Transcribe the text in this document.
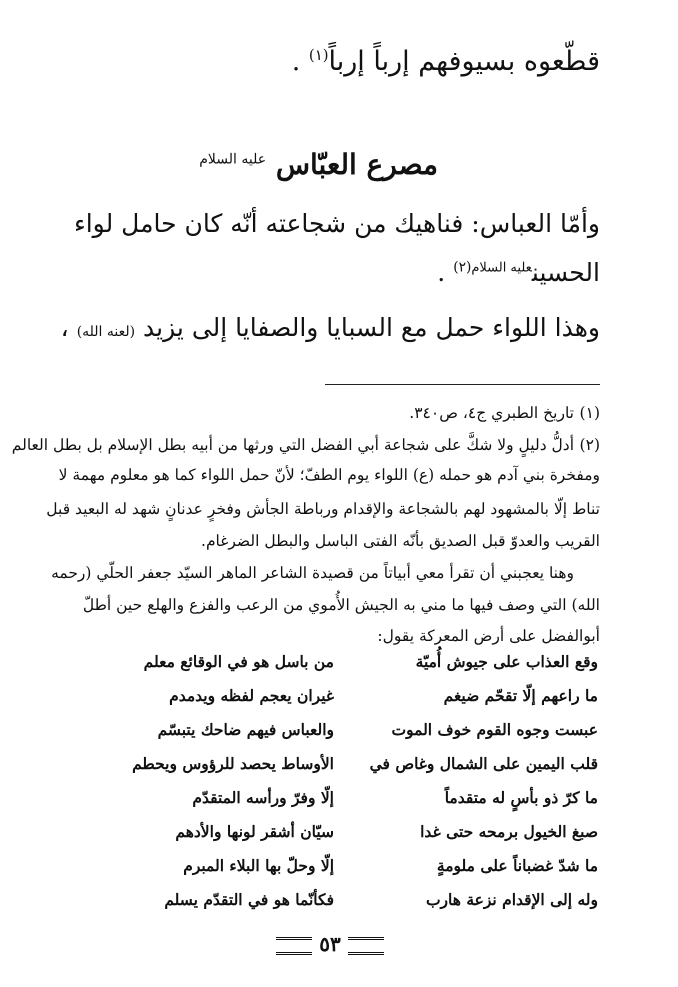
قطّعوه بسيوفهم إرباً إرباً$^{(١)}$ .
مصرع العبّاس $^{عليه السلام}$
وأمّا العباس: فناهيك من شجاعته أنّه كان حامل لواء
الحسين$^{عليه السلام(٢)}$ .
وهذا اللواء حمل مع السبايا والصفايا إلى يزيد (لعنه الله) ،
(١)تاريخ الطبري ج٤، ص٣٤٠.
(٢)أدلُّ دليلٍ ولا شكَّ على شجاعة أبي الفضل التي ورثها من أبيه بطل الإسلام بل بطل العالم
ومفخرة بني آدم هو حمله (ع) اللواء يوم الطفّ؛ لأنّ حمل اللواء كما هو معلوم مهمة لا
تناط إلّا بالمشهود لهم بالشجاعة والإقدام ورباطة الجأش وفخرٍ عدنانٍ شهد له البعيد قبل
القريب والعدوّ قبل الصديق بأنّه الفتى الباسل والبطل الضرغام.
وهنا يعجبني أن تقرأ معي أبياتاً من قصيدة الشاعر الماهر السيّد جعفر الحلّي (رحمه
الله) التي وصف فيها ما مني به الجيش الأُموي من الرعب والفزع والهلع حين أطلّ
أبوالفضل على أرض المعركة يقول:
وقع العذاب على جيوش أُميّة
من باسل هو في الوقائع معلم
ما راعهم إلّا تقحّم ضيغم
غيران يعجم لفظه ويدمدم
عبست وجوه القوم خوف الموت
والعباس فيهم ضاحك يتبسّم
قلب اليمين على الشمال وغاص في
الأوساط يحصد للرؤوس ويحطم
ما كرّ ذو بأسٍ له متقدماً
إلّا وفرّ ورأسه المتقدّم
صبغ الخيول برمحه حتى غدا
سيّان أشقر لونها والأدهم
ما شدّ غضباناً على ملومةٍ
إلّا وحلّ بها البلاء المبرم
وله إلى الإقدام نزعة هارب
فكأنّما هو في التقدّم يسلم
٥٣
